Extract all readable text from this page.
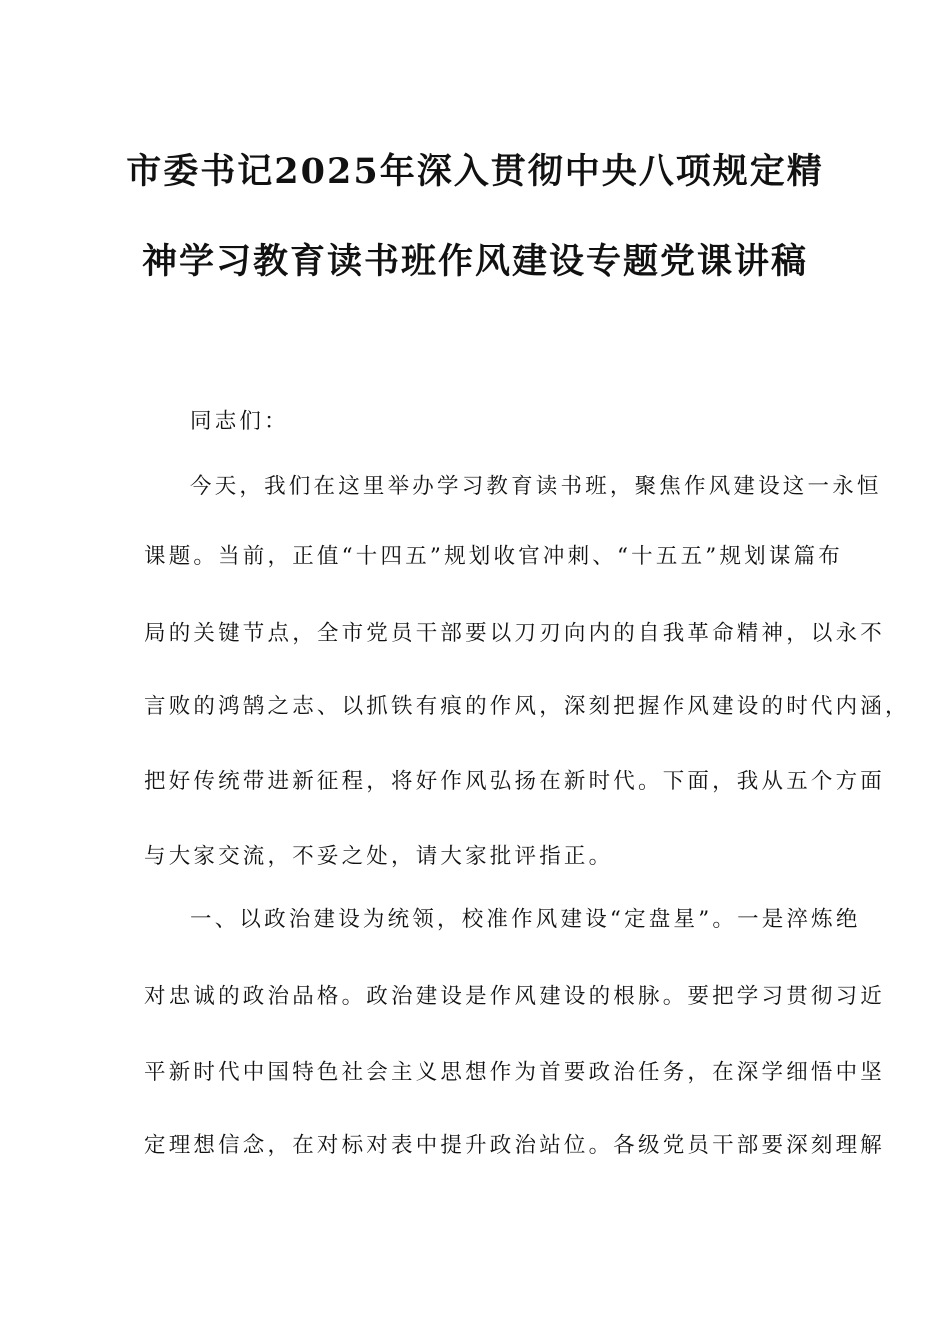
市委书记2025年深入贯彻中央八项规定精
神学习教育读书班作风建设专题党课讲稿
同志们：
今天，我们在这里举办学习教育读书班，聚焦作风建设这一永恒
课题。当前，正值“十四五”规划收官冲刺、“十五五”规划谋篇布
局的关键节点，全市党员干部要以刀刃向内的自我革命精神，以永不
言败的鸿鹄之志、以抓铁有痕的作风，深刻把握作风建设的时代内涵，
把好传统带进新征程，将好作风弘扬在新时代。下面，我从五个方面
与大家交流，不妥之处，请大家批评指正。
一、以政治建设为统领，校准作风建设“定盘星”。一是淬炼绝
对忠诚的政治品格。政治建设是作风建设的根脉。要把学习贯彻习近
平新时代中国特色社会主义思想作为首要政治任务，在深学细悟中坚
定理想信念，在对标对表中提升政治站位。各级党员干部要深刻理解
